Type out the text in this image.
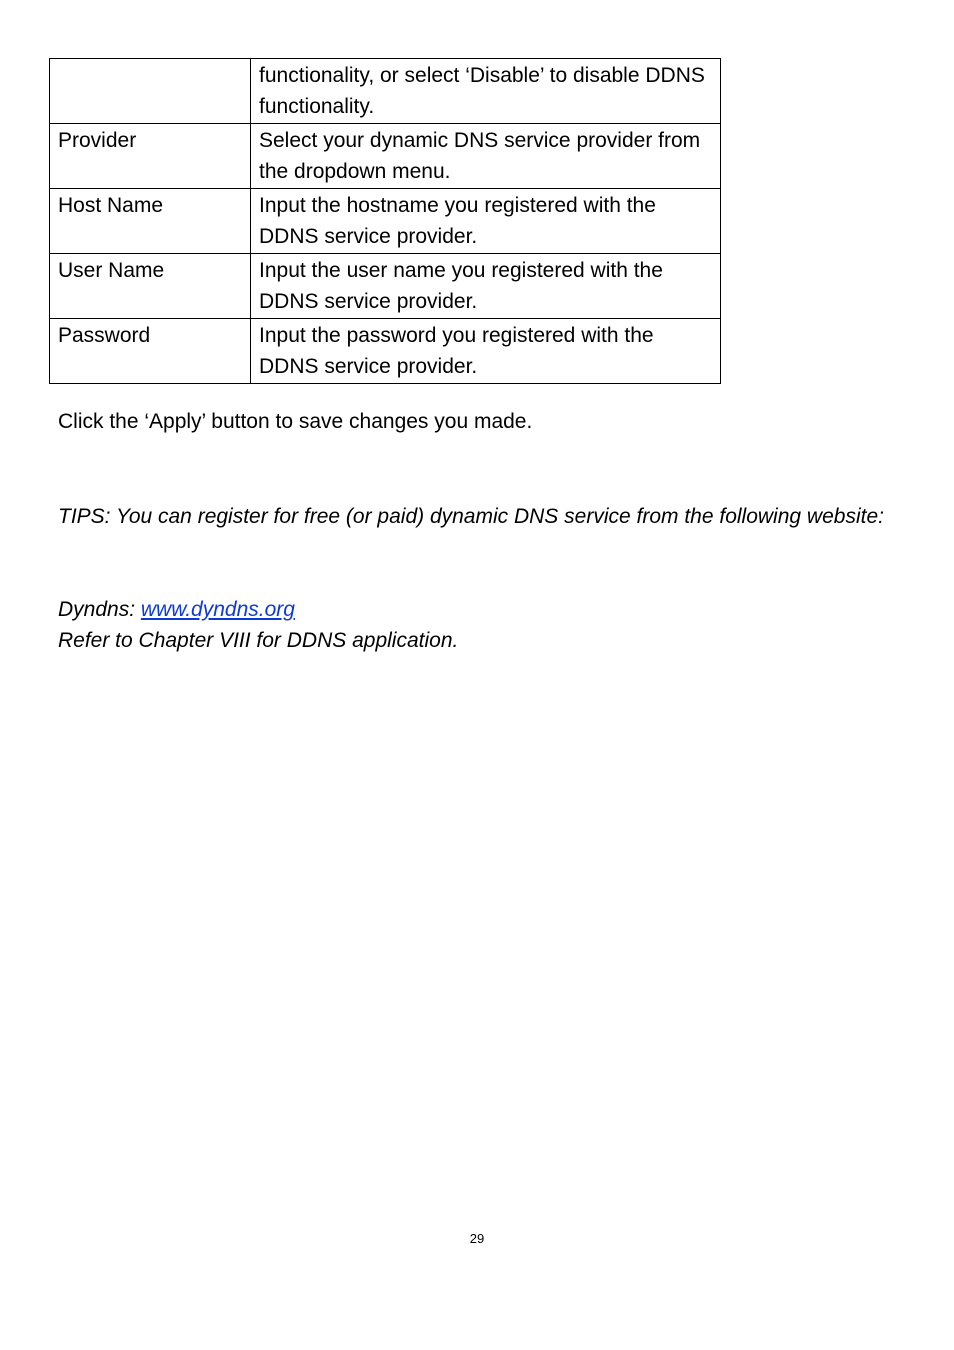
	functionality, or select ‘Disable’ to disable DDNS functionality.
Provider	Select your dynamic DNS service provider from the dropdown menu.
Host Name	Input the hostname you registered with the DDNS service provider.
User Name	Input the user name you registered with the DDNS service provider.
Password	Input the password you registered with the DDNS service provider.

Click the ‘Apply’ button to save changes you made.

TIPS: You can register for free (or paid) dynamic DNS service from the following website:

Dyndns: www.dyndns.org

Refer to Chapter VIII for DDNS application.

29
